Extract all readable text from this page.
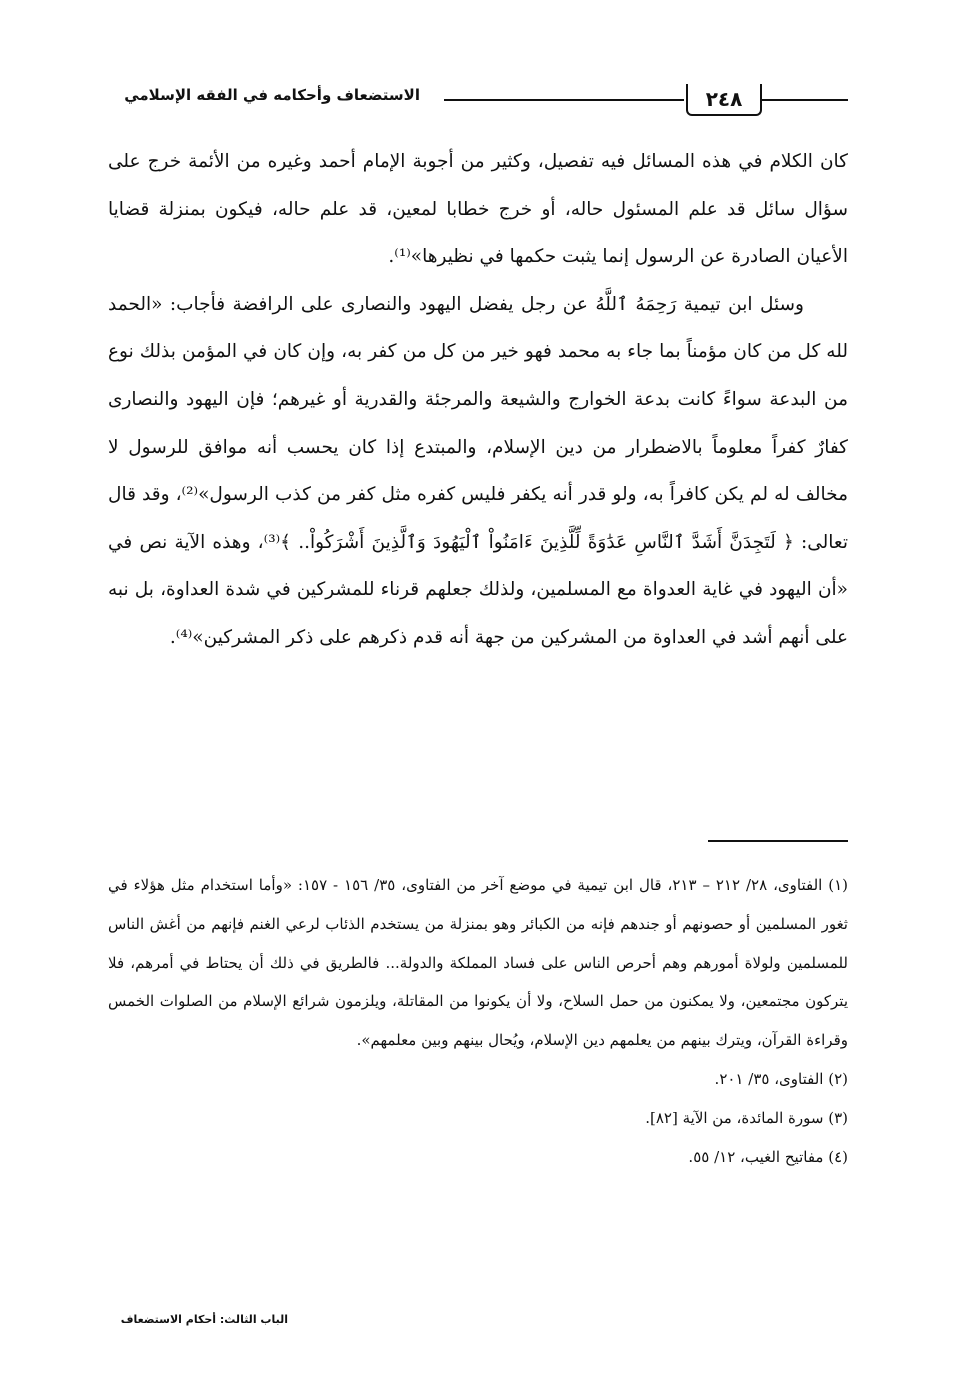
الاستضعاف وأحكامه في الفقه الإسلامي	٢٤٨

كان الكلام في هذه المسائل فيه تفصيل، وكثير من أجوبة الإمام أحمد وغيره من الأئمة خرج على سؤال سائل قد علم المسئول حاله، أو خرج خطابا لمعين، قد علم حاله، فيكون بمنزلة قضايا الأعيان الصادرة عن الرسول إنما يثبت حكمها في نظيرها»⁽¹⁾.

وسئل ابن تيمية رَحِمَهُ ٱللَّهُ عن رجل يفضل اليهود والنصارى على الرافضة فأجاب: «الحمد لله كل من كان مؤمناً بما جاء به محمد فهو خير من كل من كفر به، وإن كان في المؤمن بذلك نوع من البدعة سواءً كانت بدعة الخوارج والشيعة والمرجئة والقدرية أو غيرهم؛ فإن اليهود والنصارى كفارٌ كفراً معلوماً بالاضطرار من دين الإسلام، والمبتدع إذا كان يحسب أنه موافق للرسول لا مخالف له لم يكن كافراً به، ولو قدر أنه يكفر فليس كفره مثل كفر من كذب الرسول»⁽²⁾، وقد قال تعالى: ﴿ لَتَجِدَنَّ أَشَدَّ ٱلنَّاسِ عَدَٰوَةً لِّلَّذِينَ ءَامَنُواْ ٱلْيَهُودَ وَٱلَّذِينَ أَشْرَكُواْ.. ﴾⁽³⁾، وهذه الآية نص في «أن اليهود في غاية العدواة مع المسلمين، ولذلك جعلهم قرناء للمشركين في شدة العداوة، بل نبه على أنهم أشد في العداوة من المشركين من جهة أنه قدم ذكرهم على ذكر المشركين»⁽⁴⁾.

(١) الفتاوى، ٢٨/ ٢١٢ – ٢١٣، قال ابن تيمية في موضع آخر من الفتاوى، ٣٥/ ١٥٦ - ١٥٧: «وأما استخدام مثل هؤلاء في ثغور المسلمين أو حصونهم أو جندهم فإنه من الكبائر وهو بمنزلة من يستخدم الذئاب لرعي الغنم فإنهم من أغش الناس للمسلمين ولولاة أمورهم وهم أحرص الناس على فساد المملكة والدولة... فالطريق في ذلك أن يحتاط في أمرهم، فلا يتركون مجتمعين، ولا يمكنون من حمل السلاح، ولا أن يكونوا من المقاتلة، ويلزمون شرائع الإسلام من الصلوات الخمس وقراءة القرآن، ويترك بينهم من يعلمهم دين الإسلام، ويُحال بينهم وبين معلمهم».

(٢) الفتاوى، ٣٥/ ٢٠١.

(٣) سورة المائدة، من الآية [٨٢].

(٤) مفاتيح الغيب، ١٢/ ٥٥.

الباب الثالث: أحكام الاستضعاف
